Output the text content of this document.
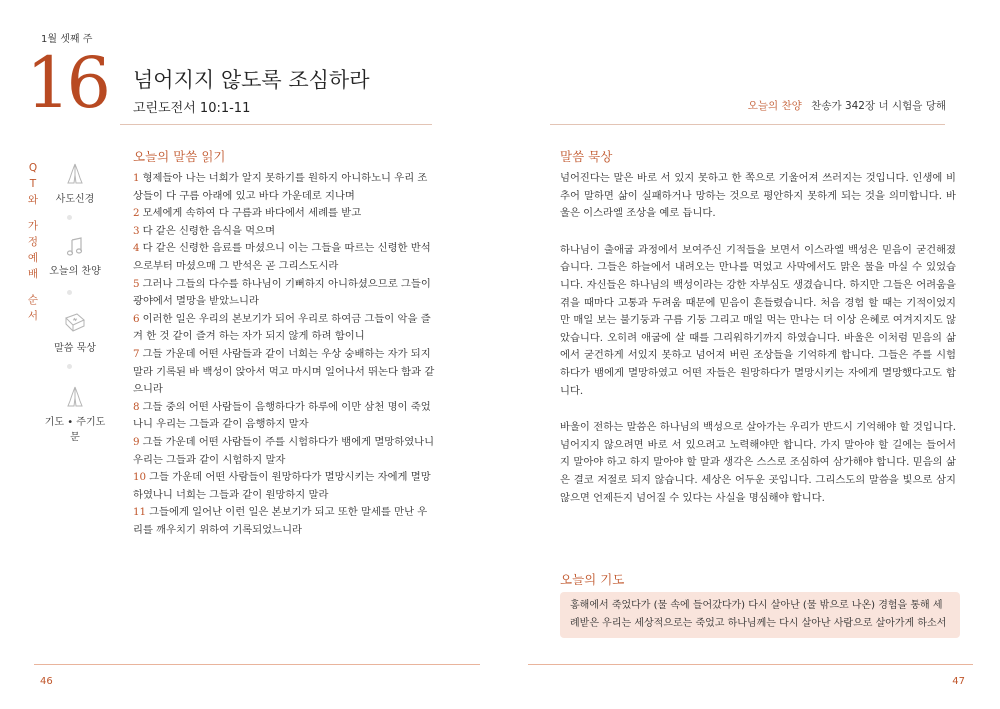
1월 셋째 주
16 넘어지지 않도록 조심하라
고린도전서 10:1-11	오늘의 찬양 찬송가 342장 너 시험을 당해
Q
T
와
가
정
예
배
순
서
사도신경
오늘의 찬양
말씀 묵상
기도 • 주기도문
오늘의 말씀 읽기
1 형제들아 나는 너희가 알지 못하기를 원하지 아니하노니 우리 조상들이 다 구름 아래에 있고 바다 가운데로 지나며
2 모세에게 속하여 다 구름과 바다에서 세례를 받고
3 다 같은 신령한 음식을 먹으며
4 다 같은 신령한 음료를 마셨으니 이는 그들을 따르는 신령한 반석으로부터 마셨으매 그 반석은 곧 그리스도시라
5 그러나 그들의 다수를 하나님이 기뻐하지 아니하셨으므로 그들이 광야에서 멸망을 받았느니라
6 이러한 일은 우리의 본보기가 되어 우리로 하여금 그들이 악을 즐겨 한 것 같이 즐겨 하는 자가 되지 않게 하려 함이니
7 그들 가운데 어떤 사람들과 같이 너희는 우상 숭배하는 자가 되지 말라 기록된 바 백성이 앉아서 먹고 마시며 일어나서 뛰논다 함과 같으니라
8 그들 중의 어떤 사람들이 음행하다가 하루에 이만 삼천 명이 죽었나니 우리는 그들과 같이 음행하지 말자
9 그들 가운데 어떤 사람들이 주를 시험하다가 뱀에게 멸망하였나니 우리는 그들과 같이 시험하지 말자
10 그들 가운데 어떤 사람들이 원망하다가 멸망시키는 자에게 멸망하였나니 너희는 그들과 같이 원망하지 말라
11 그들에게 일어난 이런 일은 본보기가 되고 또한 말세를 만난 우리를 깨우치기 위하여 기록되었느니라
말씀 묵상

넘어진다는 말은 바로 서 있지 못하고 한 쪽으로 기울어져 쓰러지는 것입니다. 인생에 비추어 말하면 삶이 실패하거나 망하는 것으로 평안하지 못하게 되는 것을 의미합니다. 바울은 이스라엘 조상을 예로 듭니다.

하나님이 출애굽 과정에서 보여주신 기적들을 보면서 이스라엘 백성은 믿음이 굳건해졌습니다. 그들은 하늘에서 내려오는 만나를 먹었고 사막에서도 맑은 물을 마실 수 있었습니다. 자신들은 하나님의 백성이라는 강한 자부심도 생겼습니다. 하지만 그들은 어려움을 겪을 때마다 고통과 두려움 때문에 믿음이 흔들렸습니다. 처음 경험 할 때는 기적이었지만 매일 보는 불기둥과 구름 기둥 그리고 매일 먹는 만나는 더 이상 은혜로 여겨지지도 않았습니다. 오히려 애굽에 살 때를 그리워하기까지 하였습니다. 바울은 이처럼 믿음의 삶에서 굳건하게 서있지 못하고 넘어져 버린 조상들을 기억하게 합니다. 그들은 주를 시험하다가 뱀에게 멸망하였고 어떤 자들은 원망하다가 멸망시키는 자에게 멸망했다고도 합니다.

바울이 전하는 말씀은 하나님의 백성으로 살아가는 우리가 반드시 기억해야 할 것입니다. 넘어지지 않으려면 바로 서 있으려고 노력해야만 합니다. 가지 말아야 할 길에는 들어서지 말아야 하고 하지 말아야 할 말과 생각은 스스로 조심하여 삼가해야 합니다. 믿음의 삶은 결코 저절로 되지 않습니다. 세상은 어두운 곳입니다. 그리스도의 말씀을 빛으로 삼지 않으면 언제든지 넘어질 수 있다는 사실을 명심해야 합니다.

오늘의 기도
홍해에서 죽었다가 (물 속에 들어갔다가) 다시 살아난 (물 밖으로 나온) 경험을 통해 세례받은 우리는 세상적으로는 죽었고 하나님께는 다시 살아난 사람으로 살아가게 하소서
46	47
